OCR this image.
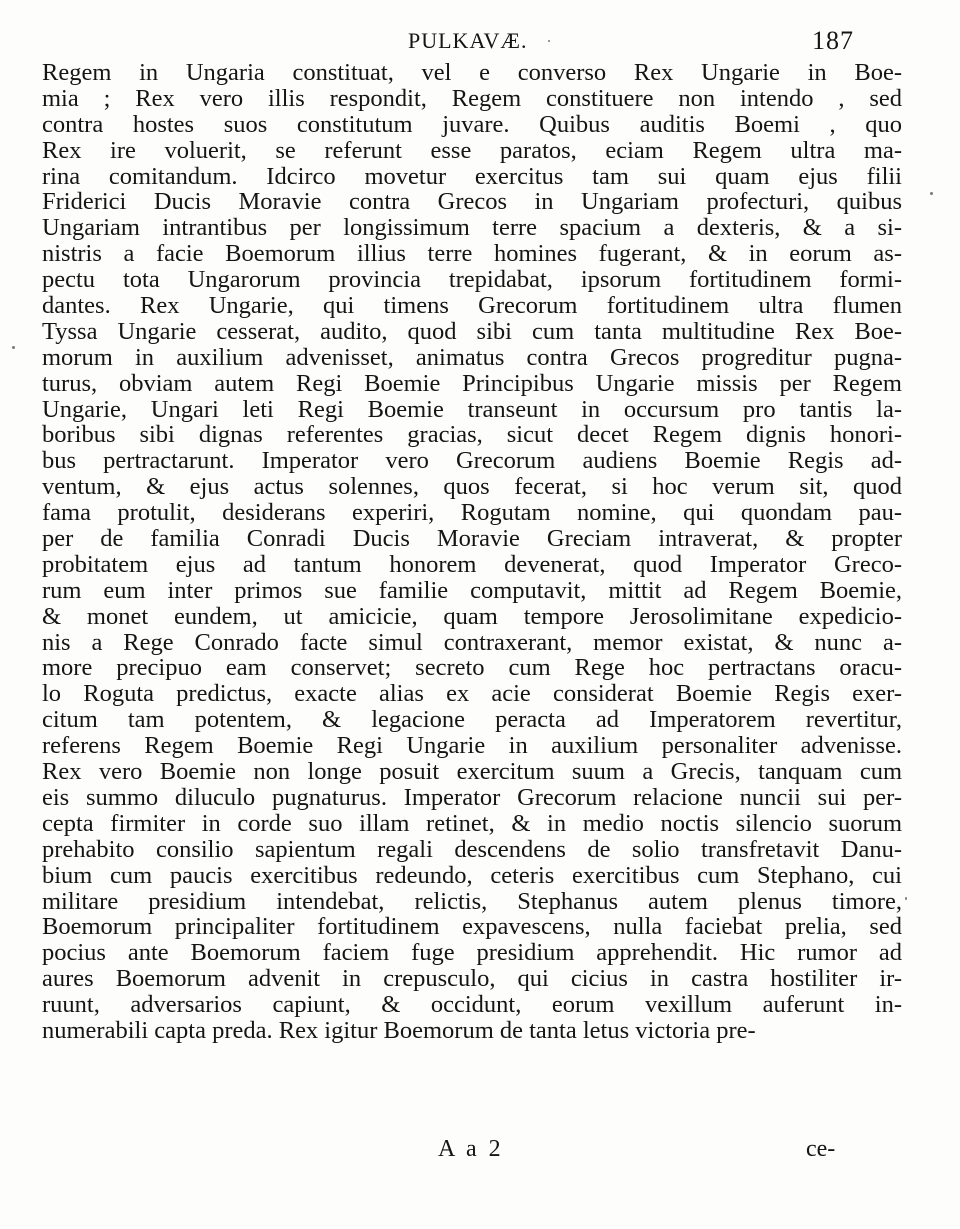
PULKAVÆ.	187
Regem in Ungaria constituat, vel e converso Rex Ungarie in Boe-
mia ; Rex vero illis respondit, Regem constituere non intendo , sed
contra hostes suos constitutum juvare. Quibus auditis Boemi , quo
Rex ire voluerit, se referunt esse paratos, eciam Regem ultra ma-
rina comitandum. Idcirco movetur exercitus tam sui quam ejus filii
Friderici Ducis Moravie contra Grecos in Ungariam profecturi, quibus
Ungariam intrantibus per longissimum terre spacium a dexteris, & a si-
nistris a facie Boemorum illius terre homines fugerant, & in eorum as-
pectu tota Ungarorum provincia trepidabat, ipsorum fortitudinem formi-
dantes. Rex Ungarie, qui timens Grecorum fortitudinem ultra flumen
Tyssa Ungarie cesserat, audito, quod sibi cum tanta multitudine Rex Boe-
morum in auxilium advenisset, animatus contra Grecos progreditur pugna-
turus, obviam autem Regi Boemie Principibus Ungarie missis per Regem
Ungarie, Ungari leti Regi Boemie transeunt in occursum pro tantis la-
boribus sibi dignas referentes gracias, sicut decet Regem dignis honori-
bus pertractarunt. Imperator vero Grecorum audiens Boemie Regis ad-
ventum, & ejus actus solennes, quos fecerat, si hoc verum sit, quod
fama protulit, desiderans experiri, Rogutam nomine, qui quondam pau-
per de familia Conradi Ducis Moravie Greciam intraverat, & propter
probitatem ejus ad tantum honorem devenerat, quod Imperator Greco-
rum eum inter primos sue familie computavit, mittit ad Regem Boemie,
& monet eundem, ut amicicie, quam tempore Jerosolimitane expedicio-
nis a Rege Conrado facte simul contraxerant, memor existat, & nunc a-
more precipuo eam conservet; secreto cum Rege hoc pertractans oracu-
lo Roguta predictus, exacte alias ex acie considerat Boemie Regis exer-
citum tam potentem, & legacione peracta ad Imperatorem revertitur,
referens Regem Boemie Regi Ungarie in auxilium personaliter advenisse.
Rex vero Boemie non longe posuit exercitum suum a Grecis, tanquam cum
eis summo diluculo pugnaturus. Imperator Grecorum relacione nuncii sui per-
cepta firmiter in corde suo illam retinet, & in medio noctis silencio suorum
prehabito consilio sapientum regali descendens de solio transfretavit Danu-
bium cum paucis exercitibus redeundo, ceteris exercitibus cum Stephano, cui
militare presidium intendebat, relictis, Stephanus autem plenus timore,
Boemorum principaliter fortitudinem expavescens, nulla faciebat prelia, sed
pocius ante Boemorum faciem fuge presidium apprehendit. Hic rumor ad
aures Boemorum advenit in crepusculo, qui cicius in castra hostiliter ir-
ruunt, adversarios capiunt, & occidunt, eorum vexillum auferunt in-
numerabili capta preda. Rex igitur Boemorum de tanta letus victoria pre-
A a 2	ce-
